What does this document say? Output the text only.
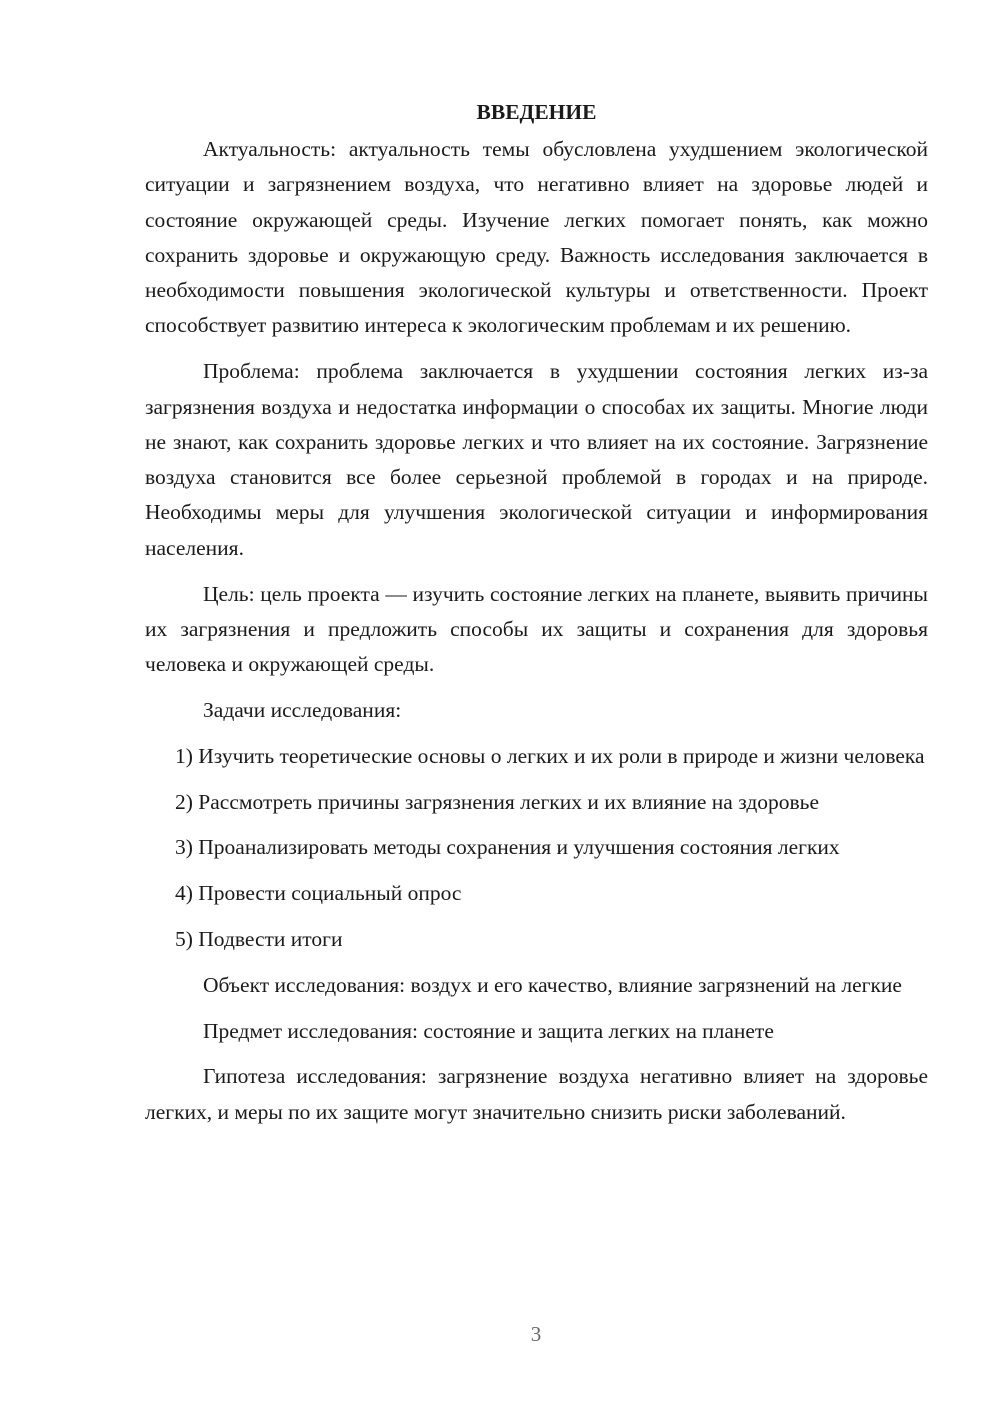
ВВЕДЕНИЕ

Актуальность: актуальность темы обусловлена ухудшением экологической ситуации и загрязнением воздуха, что негативно влияет на здоровье людей и состояние окружающей среды. Изучение легких помогает понять, как можно сохранить здоровье и окружающую среду. Важность исследования заключается в необходимости повышения экологической культуры и ответственности. Проект способствует развитию интереса к экологическим проблемам и их решению.

Проблема: проблема заключается в ухудшении состояния легких из-за загрязнения воздуха и недостатка информации о способах их защиты. Многие люди не знают, как сохранить здоровье легких и что влияет на их состояние. Загрязнение воздуха становится все более серьезной проблемой в городах и на природе. Необходимы меры для улучшения экологической ситуации и информирования населения.

Цель: цель проекта — изучить состояние легких на планете, выявить причины их загрязнения и предложить способы их защиты и сохранения для здоровья человека и окружающей среды.

Задачи исследования:

1) Изучить теоретические основы о легких и их роли в природе и жизни человека

2) Рассмотреть причины загрязнения легких и их влияние на здоровье

3) Проанализировать методы сохранения и улучшения состояния легких

4) Провести социальный опрос

5) Подвести итоги

Объект исследования: воздух и его качество, влияние загрязнений на легкие

Предмет исследования: состояние и защита легких на планете

Гипотеза исследования: загрязнение воздуха негативно влияет на здоровье легких, и меры по их защите могут значительно снизить риски заболеваний.

3
